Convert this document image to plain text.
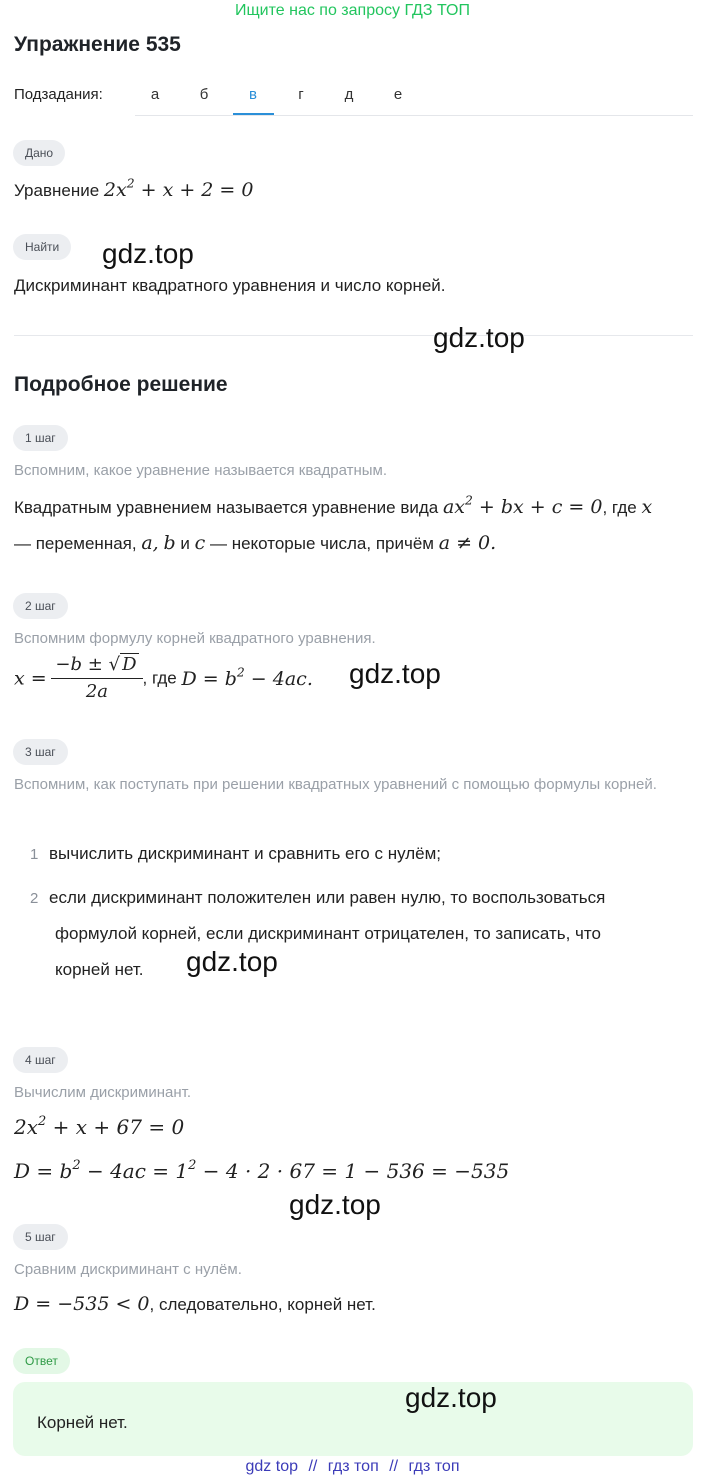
Ищите нас по запросу ГДЗ ТОП
Упражнение 535
Подзадания:	а	б	в	г	д	е
Дано
Уравнение $2x^2 + x + 2 = 0$
Найти
Дискриминант квадратного уравнения и число корней.
Подробное решение
1 шаг
Вспомним, какое уравнение называется квадратным.
Квадратным уравнением называется уравнение вида $ax^2$ + bx + c = 0, где x
— переменная, a, b и c — некоторые числа, причём a ≠ 0.
2 шаг
Вспомним формулу корней квадратного уравнения.
$x = \frac{-b \pm √ D}{2a}$ , где $D = b^2 - 4ac$.
3 шаг
Вспомним, как поступать при решении квадратных уравнений с помощью формулы корней.
1 вычислить дискриминант и сравнить его с нулём;
2 если дискриминант положителен или равен нулю, то воспользоваться
формулой корней, если дискриминант отрицателен, то записать, что
корней нет.
4 шаг
Вычислим дискриминант.
$2x^2 + x + 67 = 0$
$D = b^2 - 4ac = 1^2 - 4 \cdot 2 \cdot 67 = 1 - 536 = -535$
5 шаг
Сравним дискриминант с нулём.
D = −535 < 0, следовательно, корней нет.
Ответ
Корней нет.
gdz.top
gdz.top
gdz.top
gdz.top
gdz.top
gdz.top
gdz top // гдз топ // гдз топ
